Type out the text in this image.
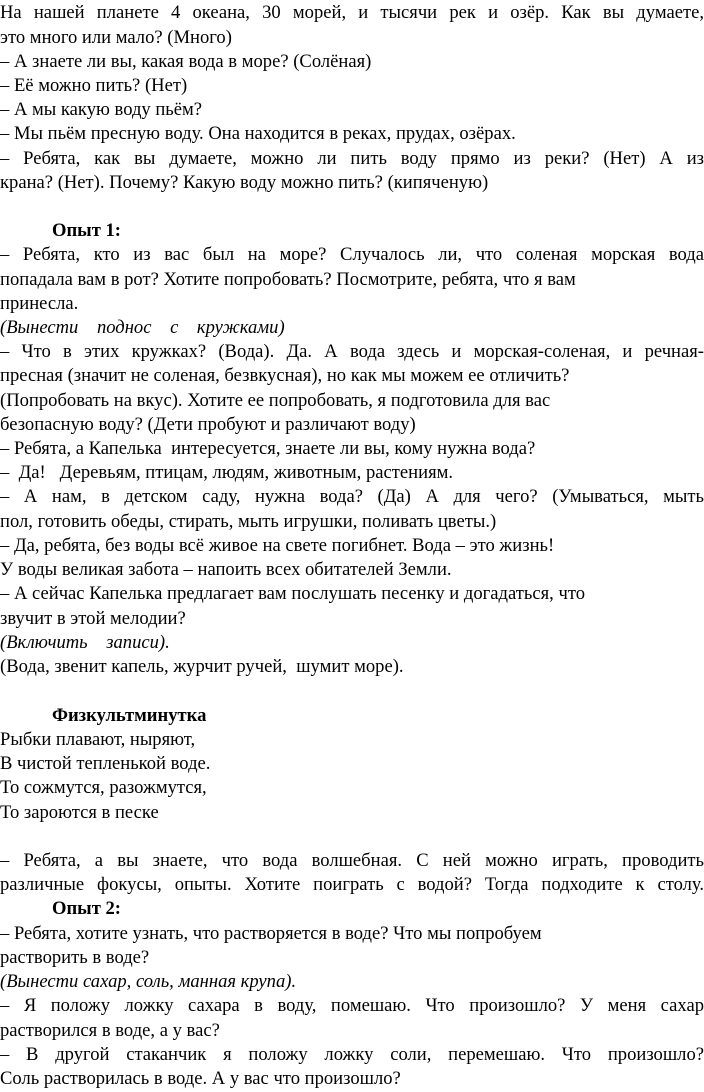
На нашей планете 4 океана, 30 морей, и тысячи рек и озёр. Как вы думаете,
это много или мало? (Много)
– А знаете ли вы, какая вода в море? (Солёная)
– Её можно пить? (Нет)
– А мы какую воду пьём?
– Мы пьём пресную воду. Она находится в реках, прудах, озёрах.
– Ребята, как вы думаете, можно ли пить воду прямо из реки? (Нет) А из
крана? (Нет). Почему? Какую воду можно пить? (кипяченую)
Опыт 1:
– Ребята, кто из вас был на море? Случалось ли, что соленая морская вода
попадала вам в рот? Хотите попробовать? Посмотрите, ребята, что я вам
принесла.
(Вынести    поднос    с    кружками)
– Что в этих кружках? (Вода). Да. А вода здесь и морская-соленая, и речная-
пресная (значит не соленая, безвкусная), но как мы можем ее отличить?
(Попробовать на вкус). Хотите ее попробовать, я подготовила для вас
безопасную воду? (Дети пробуют и различают воду)
– Ребята, а Капелька  интересуется, знаете ли вы, кому нужна вода?
–  Да!   Деревьям, птицам, людям, животным, растениям.
– А нам, в детском саду, нужна вода? (Да) А для чего? (Умываться, мыть
пол, готовить обеды, стирать, мыть игрушки, поливать цветы.)
– Да, ребята, без воды всё живое на свете погибнет. Вода – это жизнь!
У воды великая забота – напоить всех обитателей Земли.
– А сейчас Капелька предлагает вам послушать песенку и догадаться, что
звучит в этой мелодии?
(Включить    записи).
(Вода, звенит капель, журчит ручей,  шумит море).
Физкультминутка
Рыбки плавают, ныряют,
В чистой тепленькой воде.
То сожмутся, разожмутся,
То зароются в песке
– Ребята, а вы знаете, что вода волшебная. С ней можно играть, проводить
различные фокусы, опыты. Хотите поиграть с водой? Тогда подходите к столу.
Опыт 2:
– Ребята, хотите узнать, что растворяется в воде? Что мы попробуем
растворить в воде?
(Вынести сахар, соль, манная крупа).
– Я положу ложку сахара в воду, помешаю. Что произошло? У меня сахар
растворился в воде, а у вас?
– В другой стаканчик я положу ложку соли, перемешаю. Что произошло?
Соль растворилась в воде. А у вас что произошло?
